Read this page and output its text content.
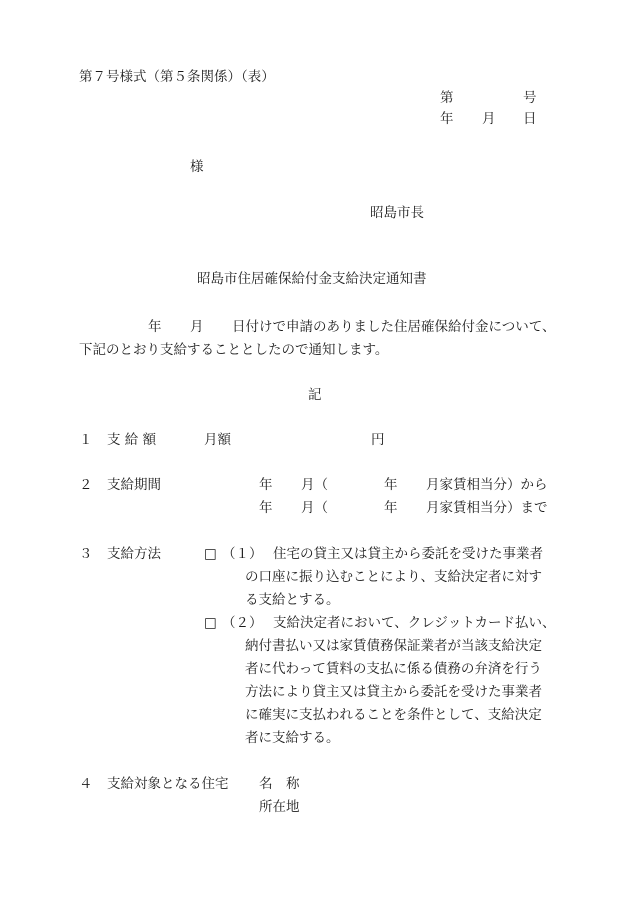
第７号様式（第５条関係）（表）
第	号
年 月 日
様
昭島市長
昭島市住居確保給付金支給決定通知書
年 月 日付けで申請のありました住居確保給付金について、
下記のとおり支給することとしたので通知します。
記
１ 支 給 額	月額	円
２ 支給期間	年 月（	年 月家賃相当分）から
年 月（	年 月家賃相当分）まで
３ 支給方法	□ （１） 住宅の貸主又は貸主から委託を受けた事業者
の口座に振り込むことにより、支給決定者に対す
る支給とする。
□ （２） 支給決定者において、クレジットカード払い、
納付書払い又は家賃債務保証業者が当該支給決定
者に代わって賃料の支払に係る債務の弁済を行う
方法により貸主又は貸主から委託を受けた事業者
に確実に支払われることを条件として、支給決定
者に支給する。
４ 支給対象となる住宅 名　称
所在地
